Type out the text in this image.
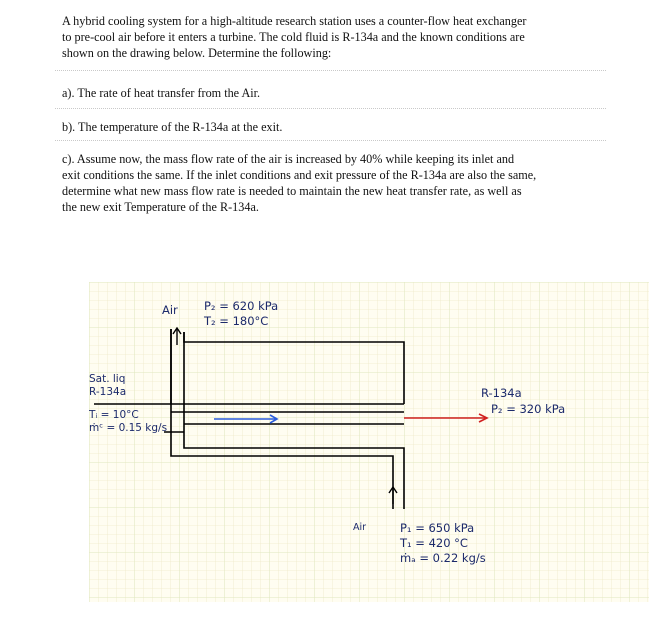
A hybrid cooling system for a high-altitude research station uses a counter-flow heat exchanger
to pre-cool air before it enters a turbine. The cold fluid is R-134a and the known conditions are
shown on the drawing below. Determine the following:

a). The rate of heat transfer from the Air.

b). The temperature of the R-134a at the exit.

c). Assume now, the mass flow rate of the air is increased by 40% while keeping its inlet and
exit conditions the same. If the inlet conditions and exit pressure of the R-134a are also the same,
determine what new mass flow rate is needed to maintain the new heat transfer rate, as well as
the new exit Temperature of the R-134a.

Air P₂ = 620 kPa
T₂ = 180°C
Sat. liq
R-134a
Tᵢ = 10°C
ṁᶜ = 0.15 kg/s
R-134a
P₂ = 320 kPa
Air	P₁ = 650 kPa
T₁ = 420 °C
ṁₐ = 0.22 kg/s
